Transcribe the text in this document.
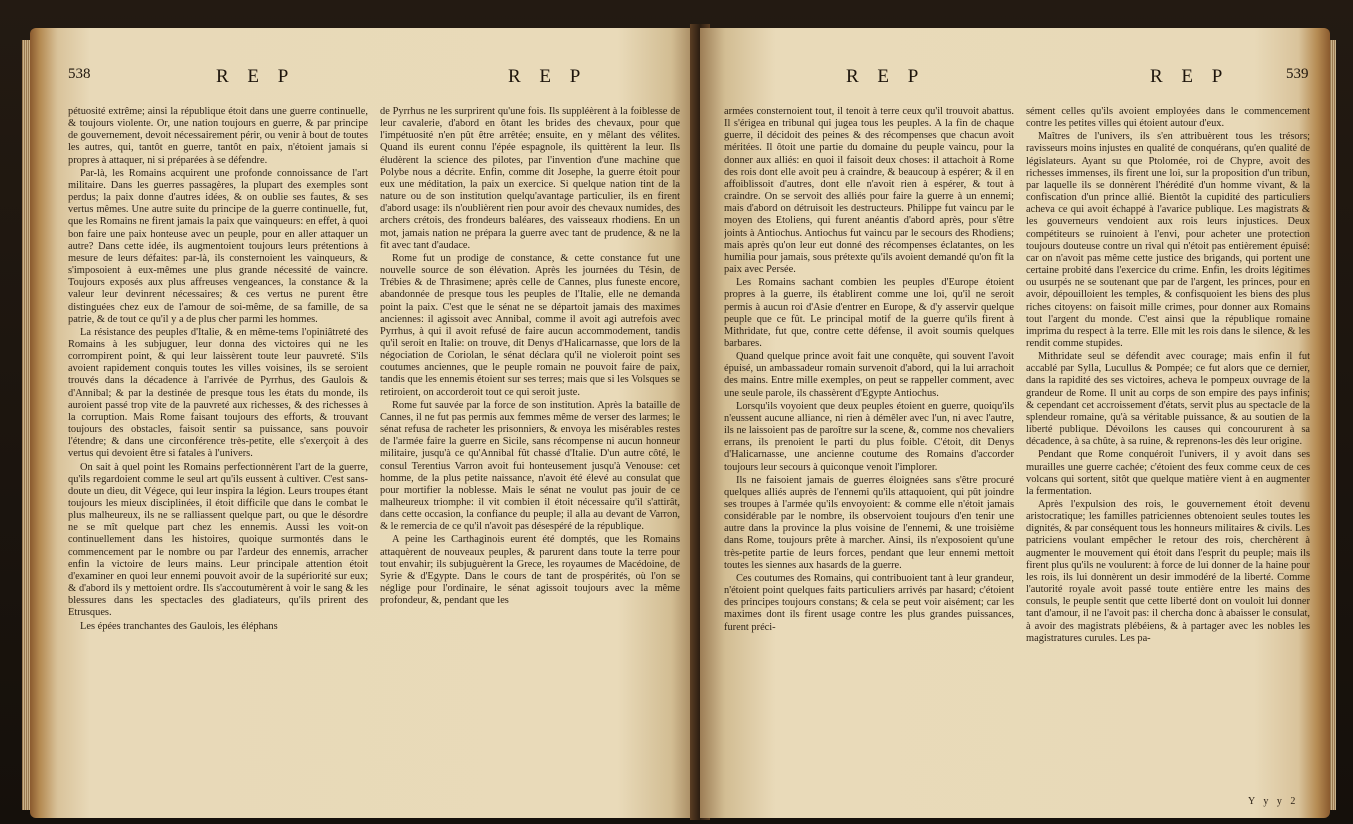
538	R E P	R E P

pétuosité extrême; ainsi la république étoit dans une guerre continuelle, & toujours violente. Or, une nation toujours en guerre, & par principe de gouvernement, devoit nécessairement périr, ou venir à bout de toutes les autres, qui, tantôt en guerre, tantôt en paix, n'étoient jamais si propres à attaquer, ni si préparées à se défendre.

Par-là, les Romains acquirent une profonde connoissance de l'art militaire. Dans les guerres passagères, la plupart des exemples sont perdus; la paix donne d'autres idées, & on oublie ses fautes, & ses vertus mêmes. Une autre suite du principe de la guerre continuelle, fut, que les Romains ne firent jamais la paix que vainqueurs: en effet, à quoi bon faire une paix honteuse avec un peuple, pour en aller attaquer un autre? Dans cette idée, ils augmentoient toujours leurs prétentions à mesure de leurs défaites: par-là, ils consternoient les vainqueurs, & s'imposoient à eux-mêmes une plus grande nécessité de vaincre. Toujours exposés aux plus affreuses vengeances, la constance & la valeur leur devinrent nécessaires; & ces vertus ne purent être distinguées chez eux de l'amour de soi-même, de sa famille, de sa patrie, & de tout ce qu'il y a de plus cher parmi les hommes.

La résistance des peuples d'Italie, & en même-tems l'opiniâtreté des Romains à les subjuguer, leur donna des victoires qui ne les corrompirent point, & qui leur laissèrent toute leur pauvreté. S'ils avoient rapidement conquis toutes les villes voisines, ils se seroient trouvés dans la décadence à l'arrivée de Pyrrhus, des Gaulois & d'Annibal; & par la destinée de presque tous les états du monde, ils auroient passé trop vite de la pauvreté aux richesses, & des richesses à la corruption. Mais Rome faisant toujours des efforts, & trouvant toujours des obstacles, faisoit sentir sa puissance, sans pouvoir l'étendre; & dans une circonférence très-petite, elle s'exerçoit à des vertus qui devoient être si fatales à l'univers.

On sait à quel point les Romains perfectionnèrent l'art de la guerre, qu'ils regardoient comme le seul art qu'ils eussent à cultiver. C'est sans-doute un dieu, dit Végece, qui leur inspira la légion. Leurs troupes étant toujours les mieux disciplinées, il étoit difficile que dans le combat le plus malheureux, ils ne se ralliassent quelque part, ou que le désordre ne se mît quelque part chez les ennemis. Aussi les voit-on continuellement dans les histoires, quoique surmontés dans le commencement par le nombre ou par l'ardeur des ennemis, arracher enfin la victoire de leurs mains. Leur principale attention étoit d'examiner en quoi leur ennemi pouvoit avoir de la supériorité sur eux; & d'abord ils y mettoient ordre. Ils s'accoutumèrent à voir le sang & les blessures dans les spectacles des gladiateurs, qu'ils prirent des Etrusques.

Les épées tranchantes des Gaulois, les éléphans

de Pyrrhus ne les surprirent qu'une fois. Ils suppléèrent à la foiblesse de leur cavalerie, d'abord en ôtant les brides des chevaux, pour que l'impétuosité n'en pût être arrêtée; ensuite, en y mêlant des vélites. Quand ils eurent connu l'épée espagnole, ils quittèrent la leur. Ils éludèrent la science des pilotes, par l'invention d'une machine que Polybe nous a décrite. Enfin, comme dit Josephe, la guerre étoit pour eux une méditation, la paix un exercice. Si quelque nation tint de la nature ou de son institution quelqu'avantage particulier, ils en firent d'abord usage: ils n'oublièrent rien pour avoir des chevaux numides, des archers crétois, des frondeurs baléares, des vaisseaux rhodiens. En un mot, jamais nation ne prépara la guerre avec tant de prudence, & ne la fit avec tant d'audace.

Rome fut un prodige de constance, & cette constance fut une nouvelle source de son élévation. Après les journées du Tésin, de Trébies & de Thrasimene; après celle de Cannes, plus funeste encore, abandonnée de presque tous les peuples de l'Italie, elle ne demanda point la paix. C'est que le sénat ne se départoit jamais des maximes anciennes: il agissoit avec Annibal, comme il avoit agi autrefois avec Pyrrhus, à qui il avoit refusé de faire aucun accommodement, tandis qu'il seroit en Italie: on trouve, dit Denys d'Halicarnasse, que lors de la négociation de Coriolan, le sénat déclara qu'il ne violeroit point ses coutumes anciennes, que le peuple romain ne pouvoit faire de paix, tandis que les ennemis étoient sur ses terres; mais que si les Volsques se retiroient, on accorderoit tout ce qui seroit juste.

Rome fut sauvée par la force de son institution. Après la bataille de Cannes, il ne fut pas permis aux femmes même de verser des larmes; le sénat refusa de racheter les prisonniers, & envoya les misérables restes de l'armée faire la guerre en Sicile, sans récompense ni aucun honneur militaire, jusqu'à ce qu'Annibal fût chassé d'Italie. D'un autre côté, le consul Terentius Varron avoit fui honteusement jusqu'à Venouse: cet homme, de la plus petite naissance, n'avoit été élevé au consulat que pour mortifier la noblesse. Mais le sénat ne voulut pas jouir de ce malheureux triomphe: il vit combien il étoit nécessaire qu'il s'attirât, dans cette occasion, la confiance du peuple; il alla au devant de Varron, & le remercia de ce qu'il n'avoit pas désespéré de la république.

A peine les Carthaginois eurent été domptés, que les Romains attaquèrent de nouveaux peuples, & parurent dans toute la terre pour tout envahir; ils subjuguèrent la Grece, les royaumes de Macédoine, de Syrie & d'Egypte. Dans le cours de tant de prospérités, où l'on se néglige pour l'ordinaire, le sénat agissoit toujours avec la même profondeur, &, pendant que les

R E P	R E P	539

armées consternoient tout, il tenoit à terre ceux qu'il trouvoit abattus. Il s'érigea en tribunal qui jugea tous les peuples. A la fin de chaque guerre, il décidoit des peines & des récompenses que chacun avoit méritées. Il ôtoit une partie du domaine du peuple vaincu, pour la donner aux alliés: en quoi il faisoit deux choses: il attachoit à Rome des rois dont elle avoit peu à craindre, & beaucoup à espérer; & il en affoiblissoit d'autres, dont elle n'avoit rien à espérer, & tout à craindre. On se servoit des alliés pour faire la guerre à un ennemi; mais d'abord on détruisoit les destructeurs. Philippe fut vaincu par le moyen des Etoliens, qui furent anéantis d'abord après, pour s'être joints à Antiochus. Antiochus fut vaincu par le secours des Rhodiens; mais après qu'on leur eut donné des récompenses éclatantes, on les humilia pour jamais, sous prétexte qu'ils avoient demandé qu'on fît la paix avec Persée.

Les Romains sachant combien les peuples d'Europe étoient propres à la guerre, ils établirent comme une loi, qu'il ne seroit permis à aucun roi d'Asie d'entrer en Europe, & d'y asservir quelque peuple que ce fût. Le principal motif de la guerre qu'ils firent à Mithridate, fut que, contre cette défense, il avoit soumis quelques barbares.

Quand quelque prince avoit fait une conquête, qui souvent l'avoit épuisé, un ambassadeur romain survenoit d'abord, qui la lui arrachoit des mains. Entre mille exemples, on peut se rappeller comment, avec une seule parole, ils chassèrent d'Egypte Antiochus.

Lorsqu'ils voyoient que deux peuples étoient en guerre, quoiqu'ils n'eussent aucune alliance, ni rien à démêler avec l'un, ni avec l'autre, ils ne laissoient pas de paroître sur la scene, &, comme nos chevaliers errans, ils prenoient le parti du plus foible. C'étoit, dit Denys d'Halicarnasse, une ancienne coutume des Romains d'accorder toujours leur secours à quiconque venoit l'implorer.

Ils ne faisoient jamais de guerres éloignées sans s'être procuré quelques alliés auprès de l'ennemi qu'ils attaquoient, qui pût joindre ses troupes à l'armée qu'ils envoyoient: & comme elle n'étoit jamais considérable par le nombre, ils observoient toujours d'en tenir une autre dans la province la plus voisine de l'ennemi, & une troisième dans Rome, toujours prête à marcher. Ainsi, ils n'exposoient qu'une très-petite partie de leurs forces, pendant que leur ennemi mettoit toutes les siennes aux hasards de la guerre.

Ces coutumes des Romains, qui contribuoient tant à leur grandeur, n'étoient point quelques faits particuliers arrivés par hasard; c'étoient des principes toujours constans; & cela se peut voir aisément; car les maximes dont ils firent usage contre les plus grandes puissances, furent préci-

sément celles qu'ils avoient employées dans le commencement contre les petites villes qui étoient autour d'eux.

Maîtres de l'univers, ils s'en attribuèrent tous les trésors; ravisseurs moins injustes en qualité de conquérans, qu'en qualité de législateurs. Ayant su que Ptolomée, roi de Chypre, avoit des richesses immenses, ils firent une loi, sur la proposition d'un tribun, par laquelle ils se donnèrent l'hérédité d'un homme vivant, & la confiscation d'un prince allié. Bientôt la cupidité des particuliers acheva ce qui avoit échappé à l'avarice publique. Les magistrats & les gouverneurs vendoient aux rois leurs injustices. Deux compétiteurs se ruinoient à l'envi, pour acheter une protection toujours douteuse contre un rival qui n'étoit pas entièrement épuisé: car on n'avoit pas même cette justice des brigands, qui portent une certaine probité dans l'exercice du crime. Enfin, les droits légitimes ou usurpés ne se soutenant que par de l'argent, les princes, pour en avoir, dépouilloient les temples, & confisquoient les biens des plus riches citoyens: on faisoit mille crimes, pour donner aux Romains tout l'argent du monde. C'est ainsi que la république romaine imprima du respect à la terre. Elle mit les rois dans le silence, & les rendit comme stupides.

Mithridate seul se défendit avec courage; mais enfin il fut accablé par Sylla, Lucullus & Pompée; ce fut alors que ce dernier, dans la rapidité des ses victoires, acheva le pompeux ouvrage de la grandeur de Rome. Il unit au corps de son empire des pays infinis; & cependant cet accroissement d'états, servit plus au spectacle de la splendeur romaine, qu'à sa véritable puissance, & au soutien de la liberté publique. Dévoilons les causes qui concoururent à sa décadence, à sa chûte, à sa ruine, & reprenons-les dès leur origine.

Pendant que Rome conquéroit l'univers, il y avoit dans ses murailles une guerre cachée; c'étoient des feux comme ceux de ces volcans qui sortent, sitôt que quelque matière vient à en augmenter la fermentation.

Après l'expulsion des rois, le gouvernement étoit devenu aristocratique; les familles patriciennes obtenoient seules toutes les dignités, & par conséquent tous les honneurs militaires & civils. Les patriciens voulant empêcher le retour des rois, cherchèrent à augmenter le mouvement qui étoit dans l'esprit du peuple; mais ils firent plus qu'ils ne voulurent: à force de lui donner de la haine pour les rois, ils lui donnèrent un desir immodéré de la liberté. Comme l'autorité royale avoit passé toute entière entre les mains des consuls, le peuple sentit que cette liberté dont on vouloit lui donner tant d'amour, il ne l'avoit pas: il chercha donc à abaisser le consulat, à avoir des magistrats plébéiens, & à partager avec les nobles les magistratures curules. Les pa-

Y y y 2
